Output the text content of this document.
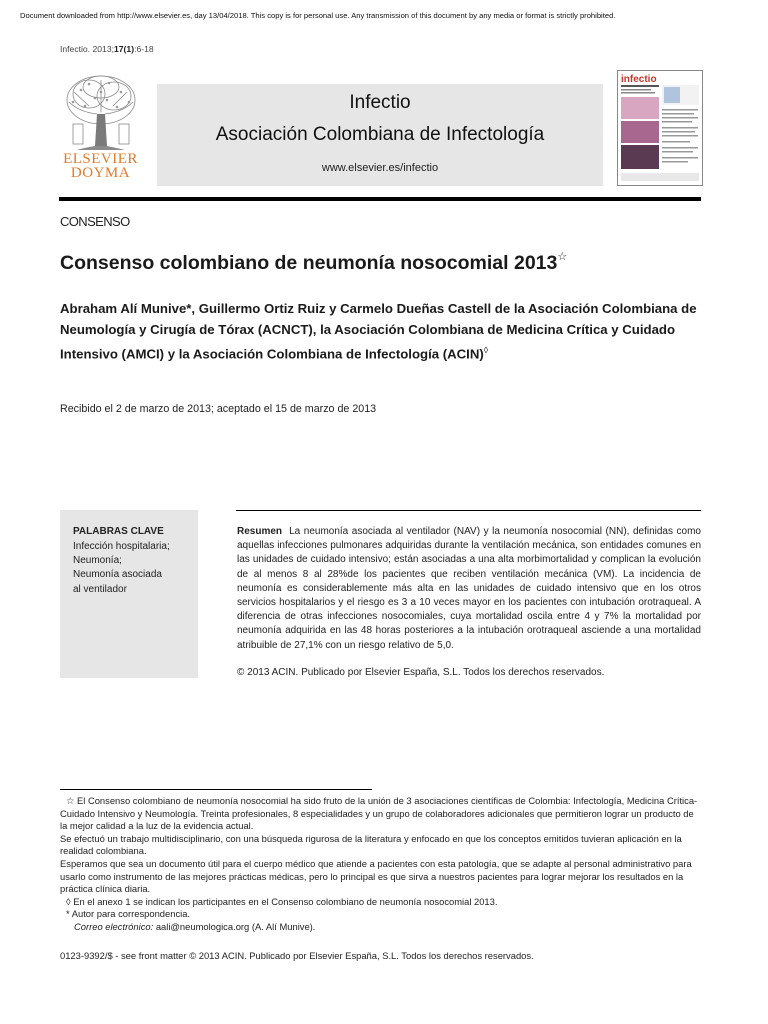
Document downloaded from http://www.elsevier.es, day 13/04/2018. This copy is for personal use. Any transmission of this document by any media or format is strictly prohibited.
Infectio. 2013;17(1):6-18
ELSEVIER
DOYMA
Infectio
Asociación Colombiana de Infectología
www.elsevier.es/infectio
infectio
CONSENSO
Consenso colombiano de neumonía nosocomial 2013☆
Abraham Alí Munive*, Guillermo Ortiz Ruiz y Carmelo Dueñas Castell de la Asociación Colombiana de Neumología y Cirugía de Tórax (ACNCT), la Asociación Colombiana de Medicina Crítica y Cuidado Intensivo (AMCI) y la Asociación Colombiana de Infectología (ACIN)◊
Recibido el 2 de marzo de 2013; aceptado el 15 de marzo de 2013
PALABRAS CLAVE
Infección hospitalaria;
Neumonía;
Neumonía asociada
al ventilador
Resumen La neumonía asociada al ventilador (NAV) y la neumonía nosocomial (NN), definidas como aquellas infecciones pulmonares adquiridas durante la ventilación mecánica, son entidades comunes en las unidades de cuidado intensivo; están asociadas a una alta morbimortalidad y complican la evolución de al menos 8 al 28%de los pacientes que reciben ventilación mecánica (VM). La incidencia de neumonía es considerablemente más alta en las unidades de cuidado intensivo que en los otros servicios hospitalarios y el riesgo es 3 a 10 veces mayor en los pacientes con intubación orotraqueal. A diferencia de otras infecciones nosocomiales, cuya mortalidad oscila entre 4 y 7% la mortalidad por neumonía adquirida en las 48 horas posteriores a la intubación orotraqueal asciende a una mortalidad atribuible de 27,1% con un riesgo relativo de 5,0.
© 2013 ACIN. Publicado por Elsevier España, S.L. Todos los derechos reservados.

☆ El Consenso colombiano de neumonía nosocomial ha sido fruto de la unión de 3 asociaciones científicas de Colombia: Infectología, Medicina Crítica-Cuidado Intensivo y Neumología. Treinta profesionales, 8 especialidades y un grupo de colaboradores adicionales que permitieron lograr un producto de la mejor calidad a la luz de la evidencia actual.

Se efectuó un trabajo multidisciplinario, con una búsqueda rigurosa de la literatura y enfocado en que los conceptos emitidos tuvieran aplicación en la realidad colombiana.

Esperamos que sea un documento útil para el cuerpo médico que atiende a pacientes con esta patología, que se adapte al personal administrativo para usarlo como instrumento de las mejores prácticas médicas, pero lo principal es que sirva a nuestros pacientes para lograr mejorar los resultados en la práctica clínica diaria.

◊ En el anexo 1 se indican los participantes en el Consenso colombiano de neumonía nosocomial 2013.

* Autor para correspondencia.

Correo electrónico: aali@neumologica.org (A. Alí Munive).

0123-9392/$ - see front matter © 2013 ACIN. Publicado por Elsevier España, S.L. Todos los derechos reservados.
